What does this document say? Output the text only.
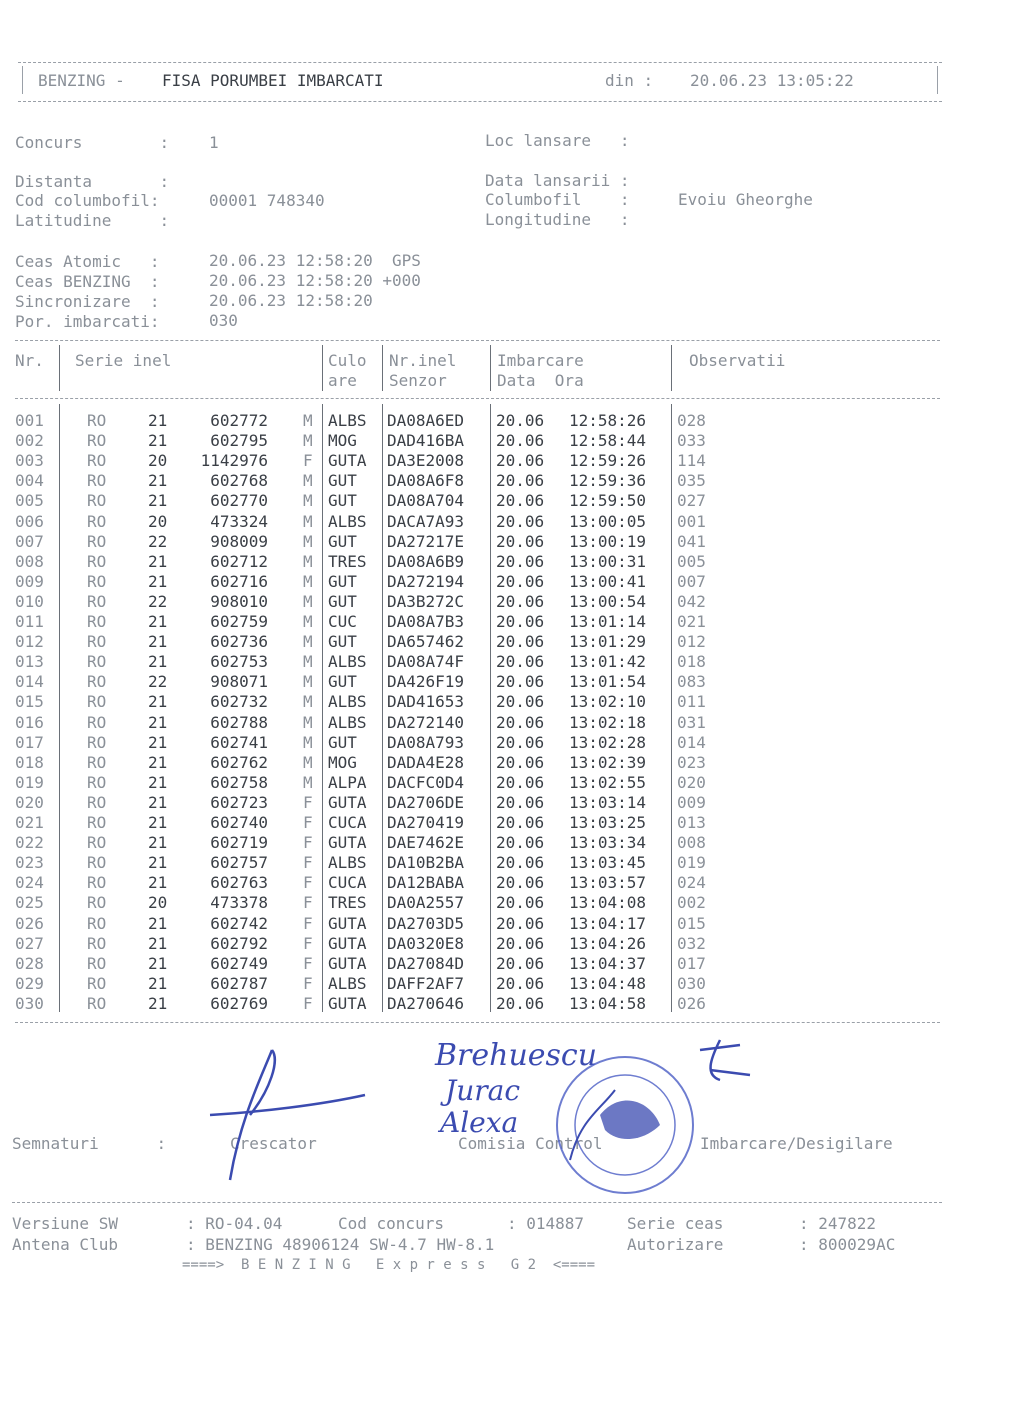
BENZING - FISA PORUMBEI IMBARCATI	din : 20.06.23 13:05:22
Concurs        : 1	Loc lansare   :
Distanta       :
Cod columbofil:	00001 748340
Latitudine     :
Data lansarii :
Columbofil    :	Evoiu Gheorghe
Longitudine   :
Ceas Atomic   :	20.06.23 12:58:20  GPS
Ceas BENZING  :	20.06.23 12:58:20 +000
Sincronizare  :	20.06.23 12:58:20
Por. imbarcati:	030
Nr. Serie inel	Culo
are
Nr.inel
Senzor
Imbarcare
Data  Ora
Observatii
001	RO	21	602772 M ALBS DA08A6ED 20.06 12:58:26 028
002	RO	21	602795 M MOG DAD416BA 20.06 12:58:44 033
003	RO	20 1142976 F GUTA DA3E2008 20.06 12:59:26 114
004	RO	21	602768 M GUT DA08A6F8 20.06 12:59:36 035
005	RO	21	602770 M GUT DA08A704 20.06 12:59:50 027
006	RO	20	473324 M ALBS DACA7A93 20.06 13:00:05 001
007	RO	22	908009 M GUT DA27217E 20.06 13:00:19 041
008	RO	21	602712 M TRES DA08A6B9 20.06 13:00:31 005
009	RO	21	602716 M GUT DA272194 20.06 13:00:41 007
010	RO	22	908010 M GUT DA3B272C 20.06 13:00:54 042
011	RO	21	602759 M CUC DA08A7B3 20.06 13:01:14 021
012	RO	21	602736 M GUT DA657462 20.06 13:01:29 012
013	RO	21	602753 M ALBS DA08A74F 20.06 13:01:42 018
014	RO	22	908071 M GUT DA426F19 20.06 13:01:54 083
015	RO	21	602732 M ALBS DAD41653 20.06 13:02:10 011
016	RO	21	602788 M ALBS DA272140 20.06 13:02:18 031
017	RO	21	602741 M GUT DA08A793 20.06 13:02:28 014
018	RO	21	602762 M MOG DADA4E28 20.06 13:02:39 023
019	RO	21	602758 M ALPA DACFC0D4 20.06 13:02:55 020
020	RO	21	602723 F GUTA DA2706DE 20.06 13:03:14 009
021	RO	21	602740 F CUCA DA270419 20.06 13:03:25 013
022	RO	21	602719 F GUTA DAE7462E 20.06 13:03:34 008
023	RO	21	602757 F ALBS DA10B2BA 20.06 13:03:45 019
024	RO	21	602763 F CUCA DA12BABA 20.06 13:03:57 024
025	RO	20	473378 F TRES DA0A2557 20.06 13:04:08 002
026	RO	21	602742 F GUTA DA2703D5 20.06 13:04:17 015
027	RO	21	602792 F GUTA DA0320E8 20.06 13:04:26 032
028	RO	21	602749 F GUTA DA27084D 20.06 13:04:37 017
029	RO	21	602787 F ALBS DAFF2AF7 20.06 13:04:48 030
030	RO	21	602769 F GUTA DA270646 20.06 13:04:58 026
Semnaturi      :	Crescator	Comisia Control	Imbarcare/Desigilare
Brehuescu
Jurac
Alexa
Versiune SW	: RO-04.04	Cod concurs	: 014887	Serie ceas	: 247822
Antena Club	: BENZING 48906124 SW-4.7 HW-8.1	Autorizare	: 800029AC
====>  B E N Z I N G   E x p r e s s   G 2  <====
